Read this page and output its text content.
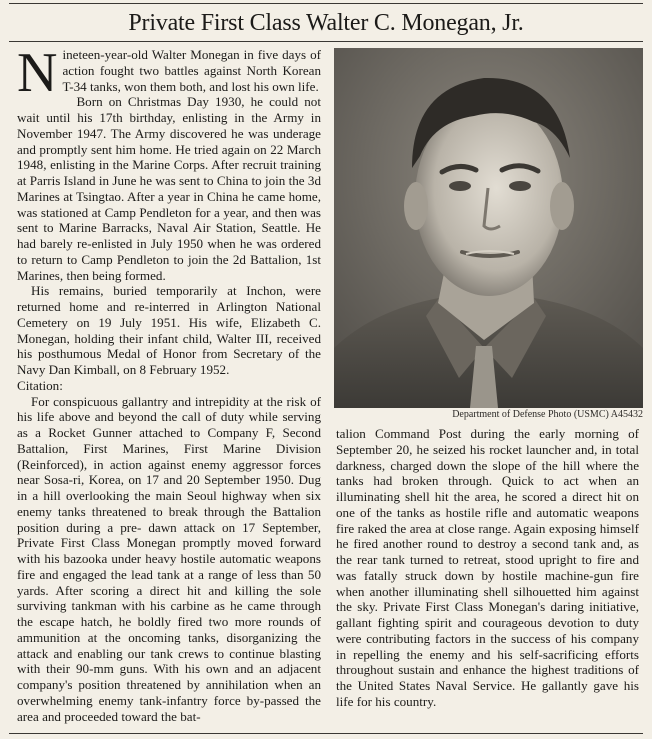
Private First Class Walter C. Monegan, Jr.
Department of Defense Photo (USMC) A45432

Nineteen-year-old Walter Monegan in five days of action fought two battles against North Korean T-34 tanks, won them both, and lost his own life.

Born on Christmas Day 1930, he could not wait until his 17th birthday, enlisting in the Army in November 1947. The Army discovered he was underage and promptly sent him home. He tried again on 22 March 1948, enlisting in the Marine Corps. After recruit training at Parris Island in June he was sent to China to join the 3d Marines at Tsingtao. After a year in China he came home, was stationed at Camp Pendleton for a year, and then was sent to Marine Barracks, Naval Air Station, Seattle. He had barely re-enlisted in July 1950 when he was ordered to return to Camp Pendleton to join the 2d Battalion, 1st Marines, then being formed.

His remains, buried temporarily at Inchon, were returned home and re-interred in Arlington National Cemetery on 19 July 1951. His wife, Elizabeth C. Monegan, holding their infant child, Walter III, received his posthumous Medal of Honor from Secretary of the Navy Dan Kimball, on 8 February 1952.

Citation:

For conspicuous gallantry and intrepidity at the risk of his life above and beyond the call of duty while serving as a Rocket Gunner attached to Company F, Second Battalion, First Marines, First Marine Division (Reinforced), in action against enemy aggressor forces near Sosa-ri, Korea, on 17 and 20 September 1950. Dug in a hill overlooking the main Seoul highway when six enemy tanks threatened to break through the Battalion position during a pre- dawn attack on 17 September, Private First Class Monegan promptly moved forward with his bazooka under heavy hostile automatic weapons fire and engaged the lead tank at a range of less than 50 yards. After scoring a direct hit and killing the sole surviving tankman with his carbine as he came through the escape hatch, he boldly fired two more rounds of ammunition at the oncoming tanks, disorganizing the attack and enabling our tank crews to continue blasting with their 90-mm guns. With his own and an adjacent company's position threatened by annihilation when an overwhelming enemy tank-infantry force by-passed the area and proceeded toward the bat-

talion Command Post during the early morning of September 20, he seized his rocket launcher and, in total darkness, charged down the slope of the hill where the tanks had broken through. Quick to act when an illuminating shell hit the area, he scored a direct hit on one of the tanks as hostile rifle and automatic weapons fire raked the area at close range. Again exposing himself he fired another round to destroy a second tank and, as the rear tank turned to retreat, stood upright to fire and was fatally struck down by hostile machine-gun fire when another illuminating shell silhouetted him against the sky. Private First Class Monegan's daring initiative, gallant fighting spirit and courageous devotion to duty were contributing factors in the success of his company in repelling the enemy and his self-sacrificing efforts throughout sustain and enhance the highest traditions of the United States Naval Service. He gallantly gave his life for his country.
